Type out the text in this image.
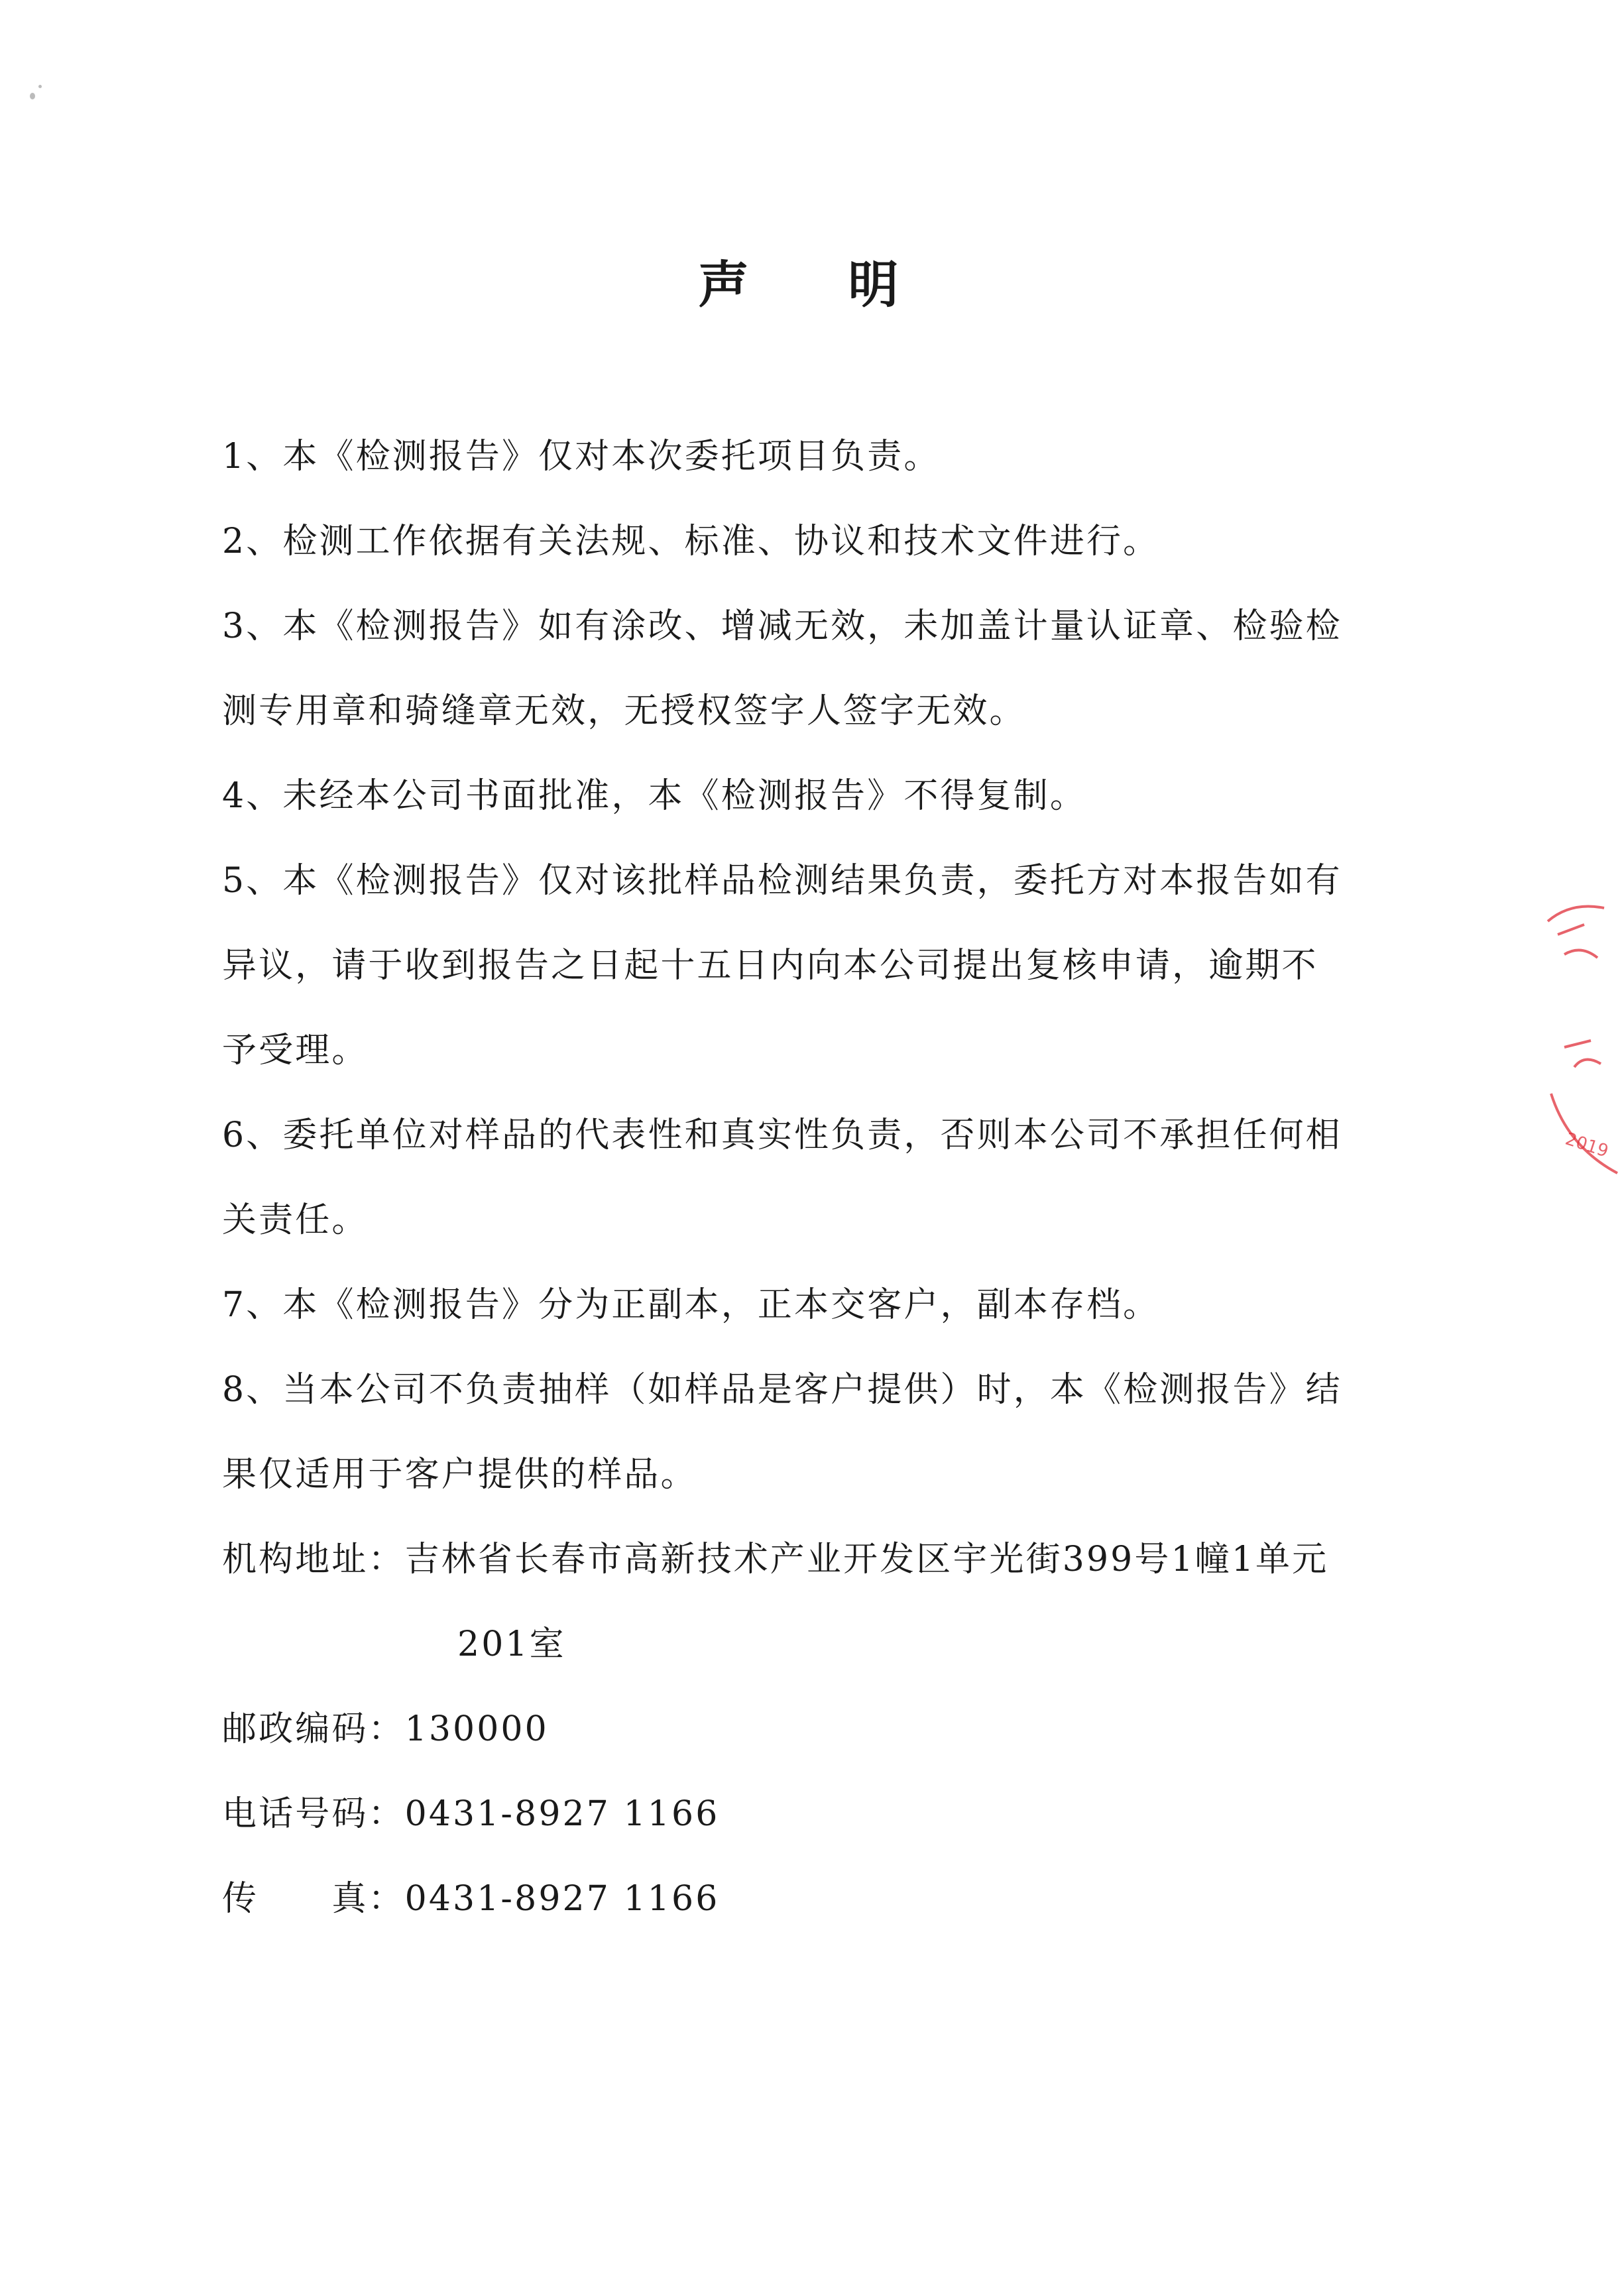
声 明
1、本《检测报告》仅对本次委托项目负责。
2、检测工作依据有关法规、标准、协议和技术文件进行。
3、本《检测报告》如有涂改、增减无效，未加盖计量认证章、检验检
测专用章和骑缝章无效，无授权签字人签字无效。
4、未经本公司书面批准，本《检测报告》不得复制。
5、本《检测报告》仅对该批样品检测结果负责，委托方对本报告如有
异议，请于收到报告之日起十五日内向本公司提出复核申请，逾期不
予受理。
6、委托单位对样品的代表性和真实性负责，否则本公司不承担任何相
关责任。
7、本《检测报告》分为正副本，正本交客户，副本存档。
8、当本公司不负责抽样（如样品是客户提供）时，本《检测报告》结
果仅适用于客户提供的样品。
机构地址：吉林省长春市高新技术产业开发区宇光街399号1幢1单元
201室
邮政编码：130000
电话号码：0431-8927 1166
传　　真：0431-8927 1166
2019
